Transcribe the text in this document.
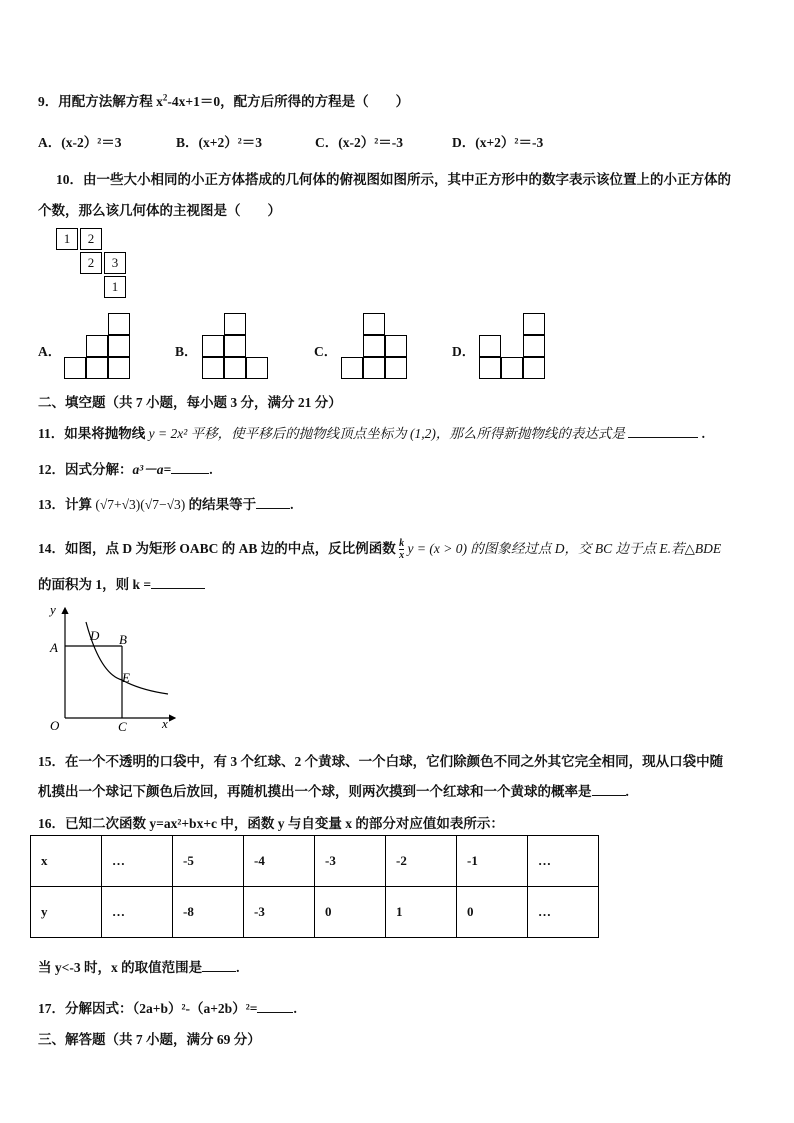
9．用配方法解方程 $x^2-4x+1=0$，配方后所得的方程是（　　）
A．(x-2）²＝3	B．(x+2）²＝3	C．(x-2）²＝-3	D．(x+2）²＝-3
10．由一些大小相同的小正方体搭成的几何体的俯视图如图所示，其中正方形中的数字表示该位置上的小正方体的
个数，那么该几何体的主视图是（　　）
1	2
2	3
1
A．	B．	C．	D．
二、填空题（共 7 小题，每小题 3 分，满分 21 分）
11．如果将抛物线 y = 2x² 平移，使平移后的抛物线顶点坐标为 (1,2)，那么所得新抛物线的表达式是	.
12．因式分解：a³－a=	.
13．计算 (√7+√3)(√7−√3) 的结果等于	.
14．如图，点 D 为矩形 OABC 的 AB 边的中点，反比例函数 $\frac{k}{x}$ y = (x > 0) 的图象经过点 D，交 BC 边于点 E.若△BDE
的面积为 1，则 k =
y
A
D B
E
O	C	x
15．在一个不透明的口袋中，有 3 个红球、2 个黄球、一个白球，它们除颜色不同之外其它完全相同，现从口袋中随
机摸出一个球记下颜色后放回，再随机摸出一个球，则两次摸到一个红球和一个黄球的概率是	.
16．已知二次函数 y=ax²+bx+c 中，函数 y 与自变量 x 的部分对应值如表所示：
x	…	-5	-4	-3	-2	-1	…
y	…	-8	-3	0	1	0	…
当 y<-3 时，x 的取值范围是	.
17．分解因式：（2a+b）²-（a+2b）²=	.
三、解答题（共 7 小题，满分 69 分）
